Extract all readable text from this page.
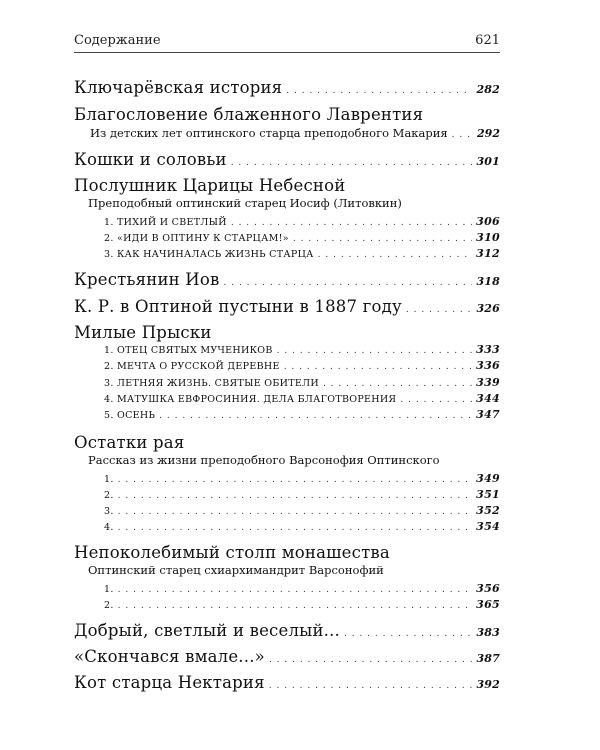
Содержание	621
Ключарёвская история . . .	282
Благословение блаженного Лаврентия
Из детских лет оптинского старца преподобного Макария . . .	292
Кошки и соловьи . . .	301
Послушник Царицы Небесной
Преподобный оптинский старец Иосиф (Литовкин)
1. ТИХИЙ И СВЕТЛЫЙ . . .	306
2. «ИДИ В ОПТИНУ К СТАРЦАМ!» . . .	310
3. КАК НАЧИНАЛАСЬ ЖИЗНЬ СТАРЦА . . .	312
Крестьянин Иов . . .	318
К. Р. в Оптиной пустыни в 1887 году . . .	326
Милые Прыски
1. ОТЕЦ СВЯТЫХ МУЧЕНИКОВ . . .	333
2. МЕЧТА О РУССКОЙ ДЕРЕВНЕ . . .	336
3. ЛЕТНЯЯ ЖИЗНЬ. СВЯТЫЕ ОБИТЕЛИ . . .	339
4. МАТУШКА ЕВФРОСИНИЯ. ДЕЛА БЛАГОТВОРЕНИЯ . . .	344
5. ОСЕНЬ . . .	347
Остатки рая
Рассказ из жизни преподобного Варсонофия Оптинского
1. . . .	349
2. . . .	351
3. . . .	352
4. . . .	354
Непоколебимый столп монашества
Оптинский старец схиархимандрит Варсонофий
1. . . .	356
2. . . .	365
Добрый, светлый и веселый... . . .	383
«Скончався вмале...» . . .	387
Кот старца Нектария . . .	392
